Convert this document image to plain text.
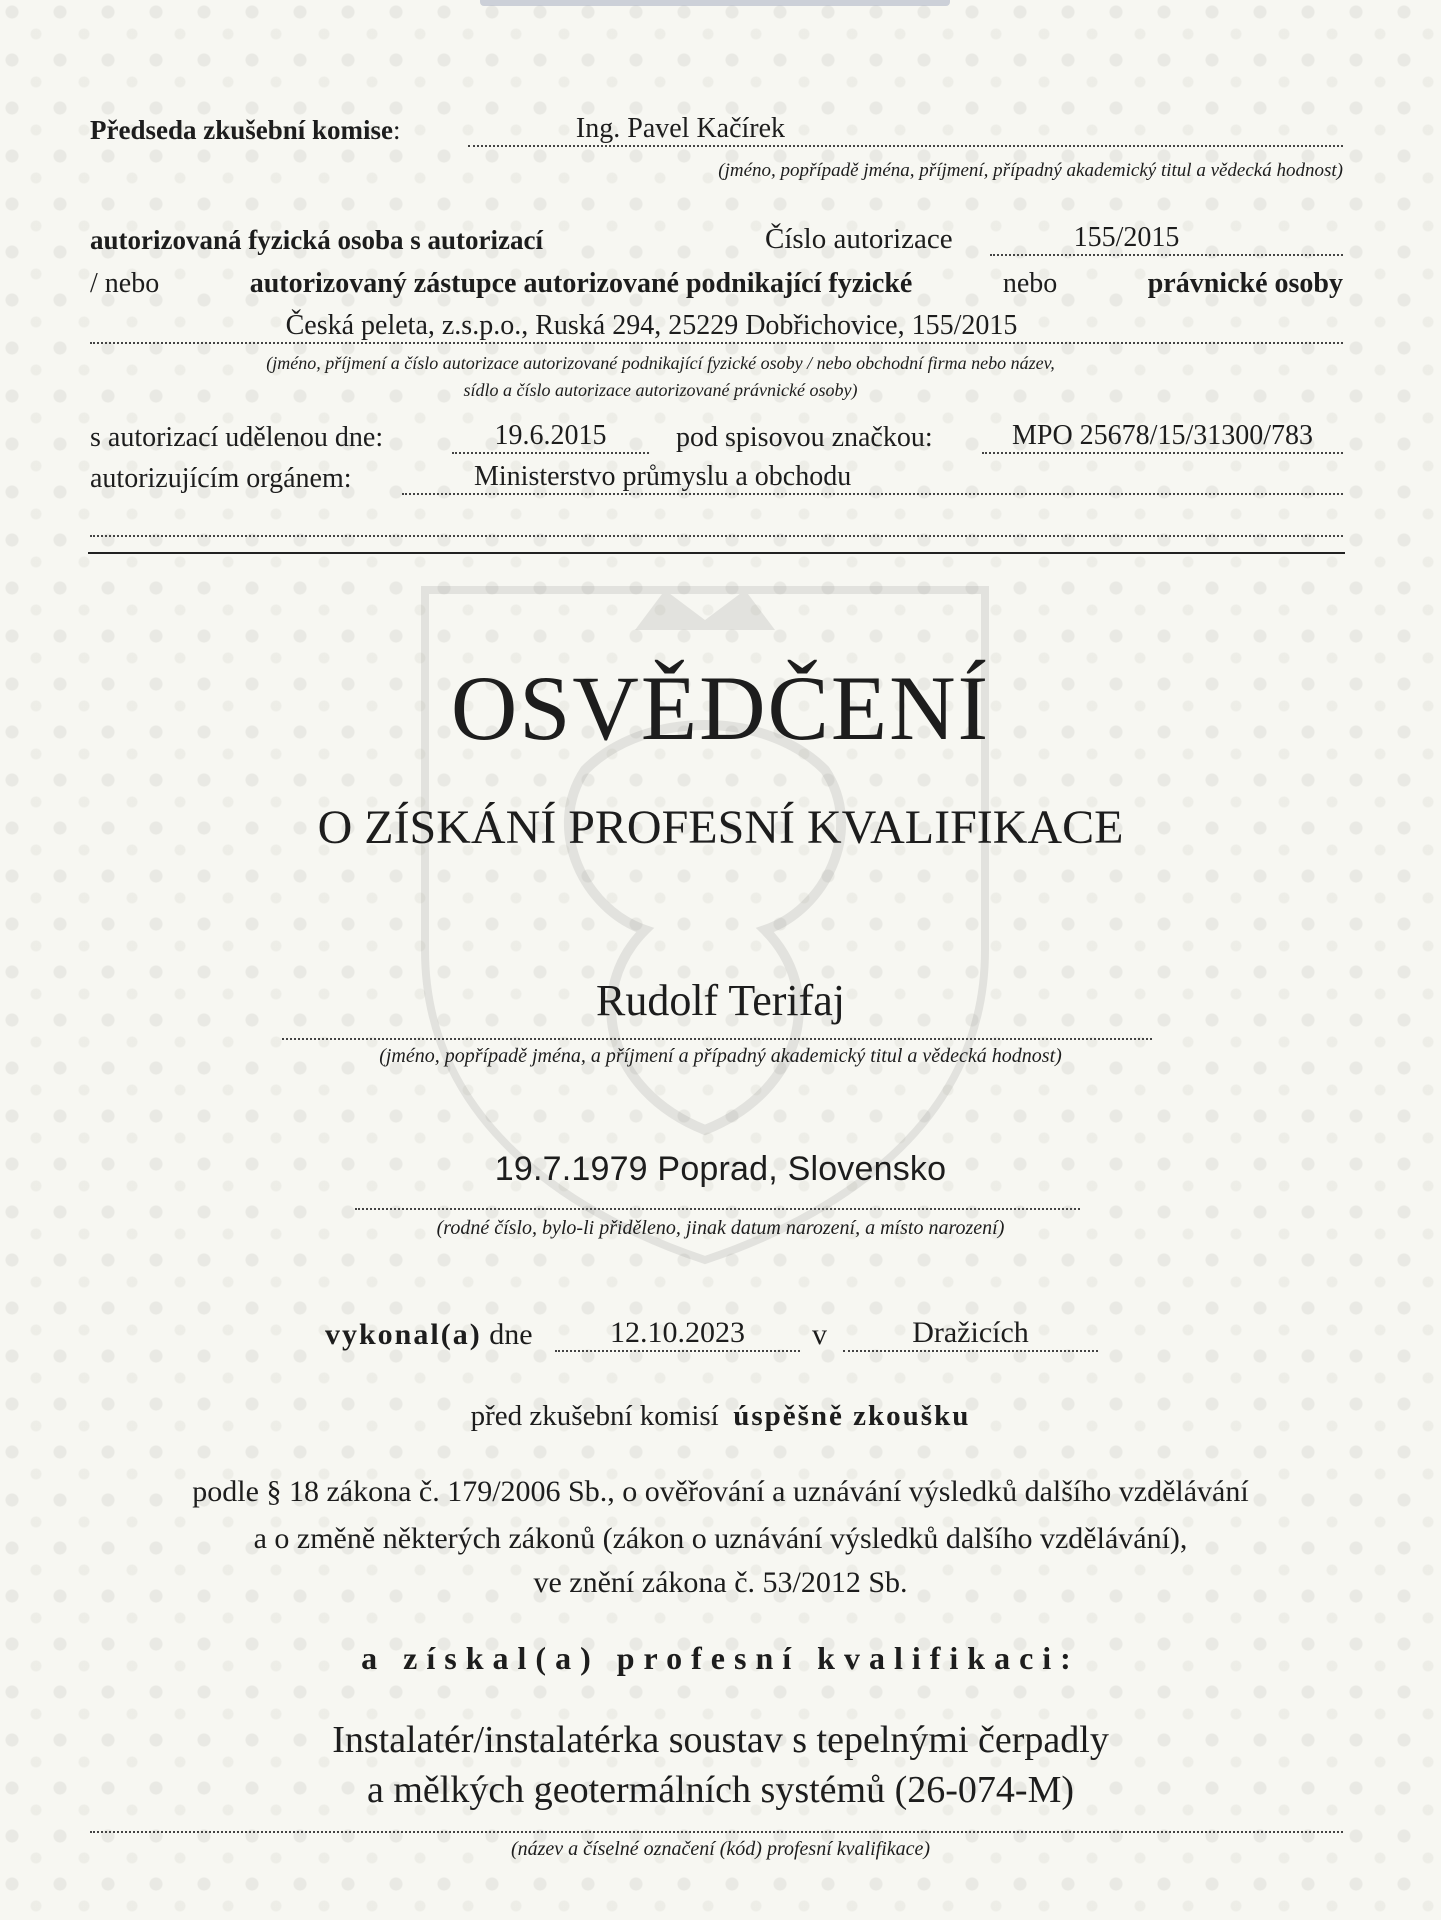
Předseda zkušební komise:	Ing. Pavel Kačírek
(jméno, popřípadě jména, příjmení, případný akademický titul a vědecká hodnost)
autorizovaná fyzická osoba s autorizací	Číslo autorizace	155/2015
/ nebo	autorizovaný zástupce autorizované podnikající fyzické	nebo	právnické osoby
Česká peleta, z.s.p.o., Ruská 294, 25229 Dobřichovice, 155/2015
(jméno, příjmení a číslo autorizace autorizované podnikající fyzické osoby / nebo obchodní firma nebo název,
sídlo a číslo autorizace autorizované právnické osoby)
s autorizací udělenou dne:	19.6.2015	pod spisovou značkou:	MPO 25678/15/31300/783
autorizujícím orgánem:	Ministerstvo průmyslu a obchodu
OSVĚDČENÍ
O ZÍSKÁNÍ PROFESNÍ KVALIFIKACE
Rudolf Terifaj
(jméno, popřípadě jména, a příjmení a případný akademický titul a vědecká hodnost)
19.7.1979 Poprad, Slovensko
(rodné číslo, bylo-li přiděleno, jinak datum narození, a místo narození)
vykonal(a) dne	12.10.2023	v	Dražicích
před zkušební komisí úspěšně zkoušku
podle § 18 zákona č. 179/2006 Sb., o ověřování a uznávání výsledků dalšího vzdělávání
a o změně některých zákonů (zákon o uznávání výsledků dalšího vzdělávání),
ve znění zákona č. 53/2012 Sb.
a získal(a) profesní kvalifikaci:
Instalatér/instalatérka soustav s tepelnými čerpadly
a mělkých geotermálních systémů (26-074-M)
(název a číselné označení (kód) profesní kvalifikace)
